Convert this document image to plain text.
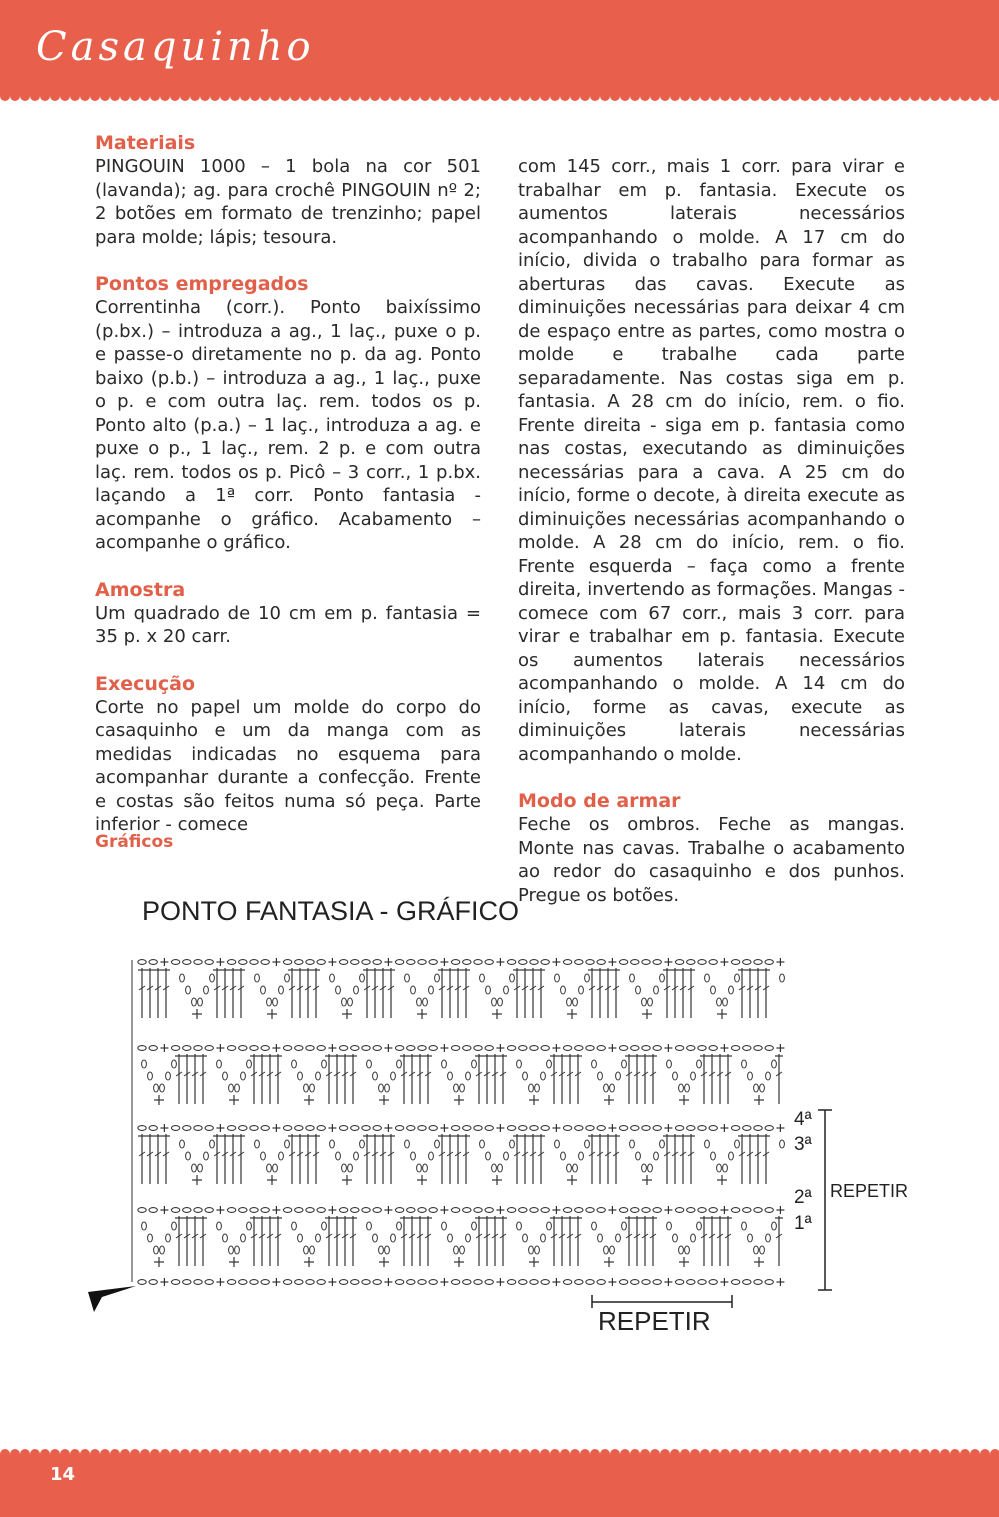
Casaquinho
Materiais

PINGOUIN 1000 – 1 bola na cor 501 (lavanda); ag. para crochê PINGOUIN nº 2; 2 botões em formato de trenzinho; papel para molde; lápis; tesoura.

Pontos empregados

Correntinha (corr.). Ponto baixíssimo (p.bx.) – introduza a ag., 1 laç., puxe o p. e passe-o diretamente no p. da ag. Ponto baixo (p.b.) – introduza a ag., 1 laç., puxe o p. e com outra laç. rem. todos os p. Ponto alto (p.a.) – 1 laç., introduza a ag. e puxe o p., 1 laç., rem. 2 p. e com outra laç. rem. todos os p. Picô – 3 corr., 1 p.bx. laçando a 1ª corr. Ponto fantasia - acompanhe o gráfico. Acabamento – acompanhe o gráfico.

Amostra

Um quadrado de 10 cm em p. fantasia = 35 p. x 20 carr.

Execução

Corte no papel um molde do corpo do casaquinho e um da manga com as medidas indicadas no esquema para acompanhar durante a confecção. Frente e costas são feitos numa só peça. Parte inferior - comece

com 145 corr., mais 1 corr. para virar e trabalhar em p. fantasia. Execute os aumentos laterais necessários acompanhando o molde. A 17 cm do início, divida o trabalho para formar as aberturas das cavas. Execute as diminuições necessárias para deixar 4 cm de espaço entre as partes, como mostra o molde e trabalhe cada parte separadamente. Nas costas siga em p. fantasia. A 28 cm do início, rem. o fio. Frente direita - siga em p. fantasia como nas costas, executando as diminuições necessárias para a cava. A 25 cm do início, forme o decote, à direita execute as diminuições necessárias acompanhando o molde. A 28 cm do início, rem. o fio. Frente esquerda – faça como a frente direita, invertendo as formações. Mangas - comece com 67 corr., mais 3 corr. para virar e trabalhar em p. fantasia. Execute os aumentos laterais necessários acompanhando o molde. A 14 cm do início, forme as cavas, execute as diminuições laterais necessárias acompanhando o molde.

Modo de armar

Feche os ombros. Feche as mangas. Monte nas cavas. Trabalhe o acabamento ao redor do casaquinho e dos punhos. Pregue os botões.

Gráficos
PONTO FANTASIA - GRÁFICO
4ª
3ª
2ª
1ª
REPETIR
REPETIR
14
